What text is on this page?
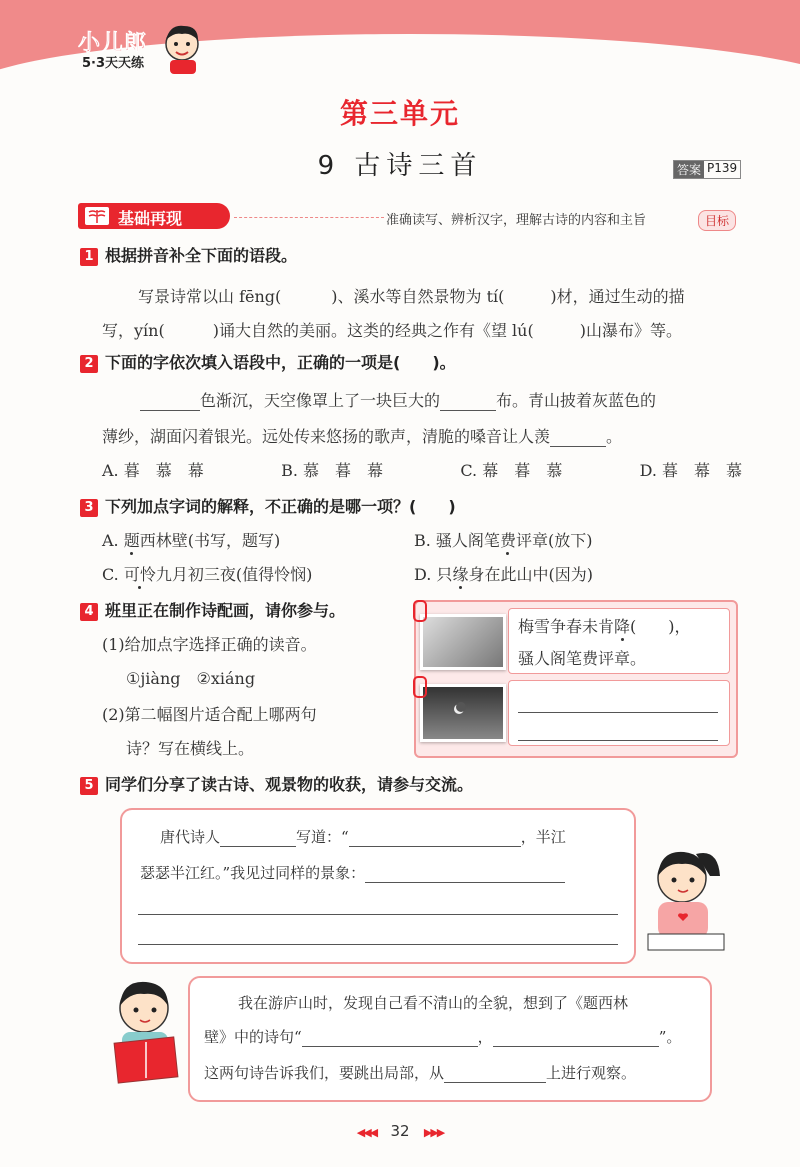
小儿郎
5·3天天练
第三单元
9 古诗三首	答案 P139
基础再现	准确读写、辨析汉字，理解古诗的内容和主旨	目标
1 根据拼音补全下面的语段。
写景诗常以山 fēng(	)、溪水等自然景物为 tí(	)材，通过生动的描
写，yín(	)诵大自然的美丽。这类的经典之作有《望 lú(	)山瀑布》等。
2 下面的字依次填入语段中，正确的一项是(　　)。
色渐沉，天空像罩上了一块巨大的	布。青山披着灰蓝色的
薄纱，湖面闪着银光。远处传来悠扬的歌声，清脆的嗓音让人羡	。
A. 暮　慕　幕	B. 慕　暮　幕	C. 幕　暮　慕	D. 暮　幕　慕
3 下列加点字词的解释，不正确的是哪一项？(　　)
A. 题西林壁(书写，题写)	B. 骚人阁笔费评章(放下)
C. 可怜九月初三夜(值得怜悯)	D. 只缘身在此山中(因为)
4 班里正在制作诗配画，请你参与。
(1)给加点字选择正确的读音。
①jiàng　②xiáng
(2)第二幅图片适合配上哪两句
诗？写在横线上。
梅雪争春未肯降(　　)，
骚人阁笔费评章。
5 同学们分享了读古诗、观景物的收获，请参与交流。
唐代诗人	写道：“	，半江
瑟瑟半江红。”我见过同样的景象：
我在游庐山时，发现自己看不清山的全貌，想到了《题西林
壁》中的诗句“	，	”。
这两句诗告诉我们，要跳出局部，从	上进行观察。
◀◀◀ 32 ▶▶▶
